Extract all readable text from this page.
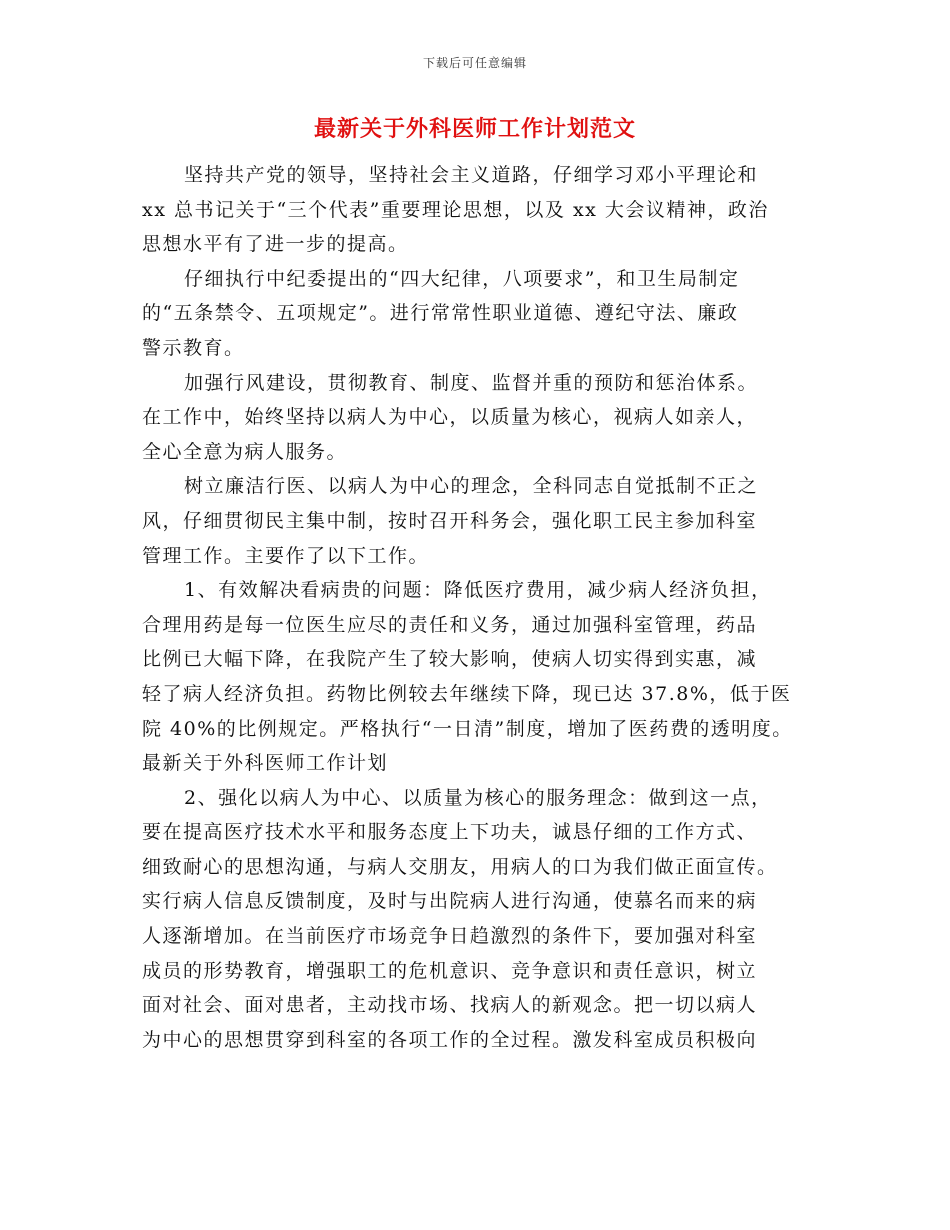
下载后可任意编辑
最新关于外科医师工作计划范文
坚持共产党的领导，坚持社会主义道路，仔细学习邓小平理论和
xx 总书记关于“三个代表”重要理论思想，以及 xx 大会议精神，政治
思想水平有了进一步的提高。
仔细执行中纪委提出的“四大纪律，八项要求”，和卫生局制定
的“五条禁令、五项规定”。进行常常性职业道德、遵纪守法、廉政
警示教育。
加强行风建设，贯彻教育、制度、监督并重的预防和惩治体系。
在工作中，始终坚持以病人为中心，以质量为核心，视病人如亲人，
全心全意为病人服务。
树立廉洁行医、以病人为中心的理念，全科同志自觉抵制不正之
风，仔细贯彻民主集中制，按时召开科务会，强化职工民主参加科室
管理工作。主要作了以下工作。
1、有效解决看病贵的问题：降低医疗费用，减少病人经济负担，
合理用药是每一位医生应尽的责任和义务，通过加强科室管理，药品
比例已大幅下降，在我院产生了较大影响，使病人切实得到实惠，减
轻了病人经济负担。药物比例较去年继续下降，现已达 37.8%，低于医
院 40%的比例规定。严格执行“一日清”制度，增加了医药费的透明度。
最新关于外科医师工作计划
2、强化以病人为中心、以质量为核心的服务理念：做到这一点，
要在提高医疗技术水平和服务态度上下功夫，诚恳仔细的工作方式、
细致耐心的思想沟通，与病人交朋友，用病人的口为我们做正面宣传。
实行病人信息反馈制度，及时与出院病人进行沟通，使慕名而来的病
人逐渐增加。在当前医疗市场竞争日趋激烈的条件下，要加强对科室
成员的形势教育，增强职工的危机意识、竞争意识和责任意识，树立
面对社会、面对患者，主动找市场、找病人的新观念。把一切以病人
为中心的思想贯穿到科室的各项工作的全过程。激发科室成员积极向
